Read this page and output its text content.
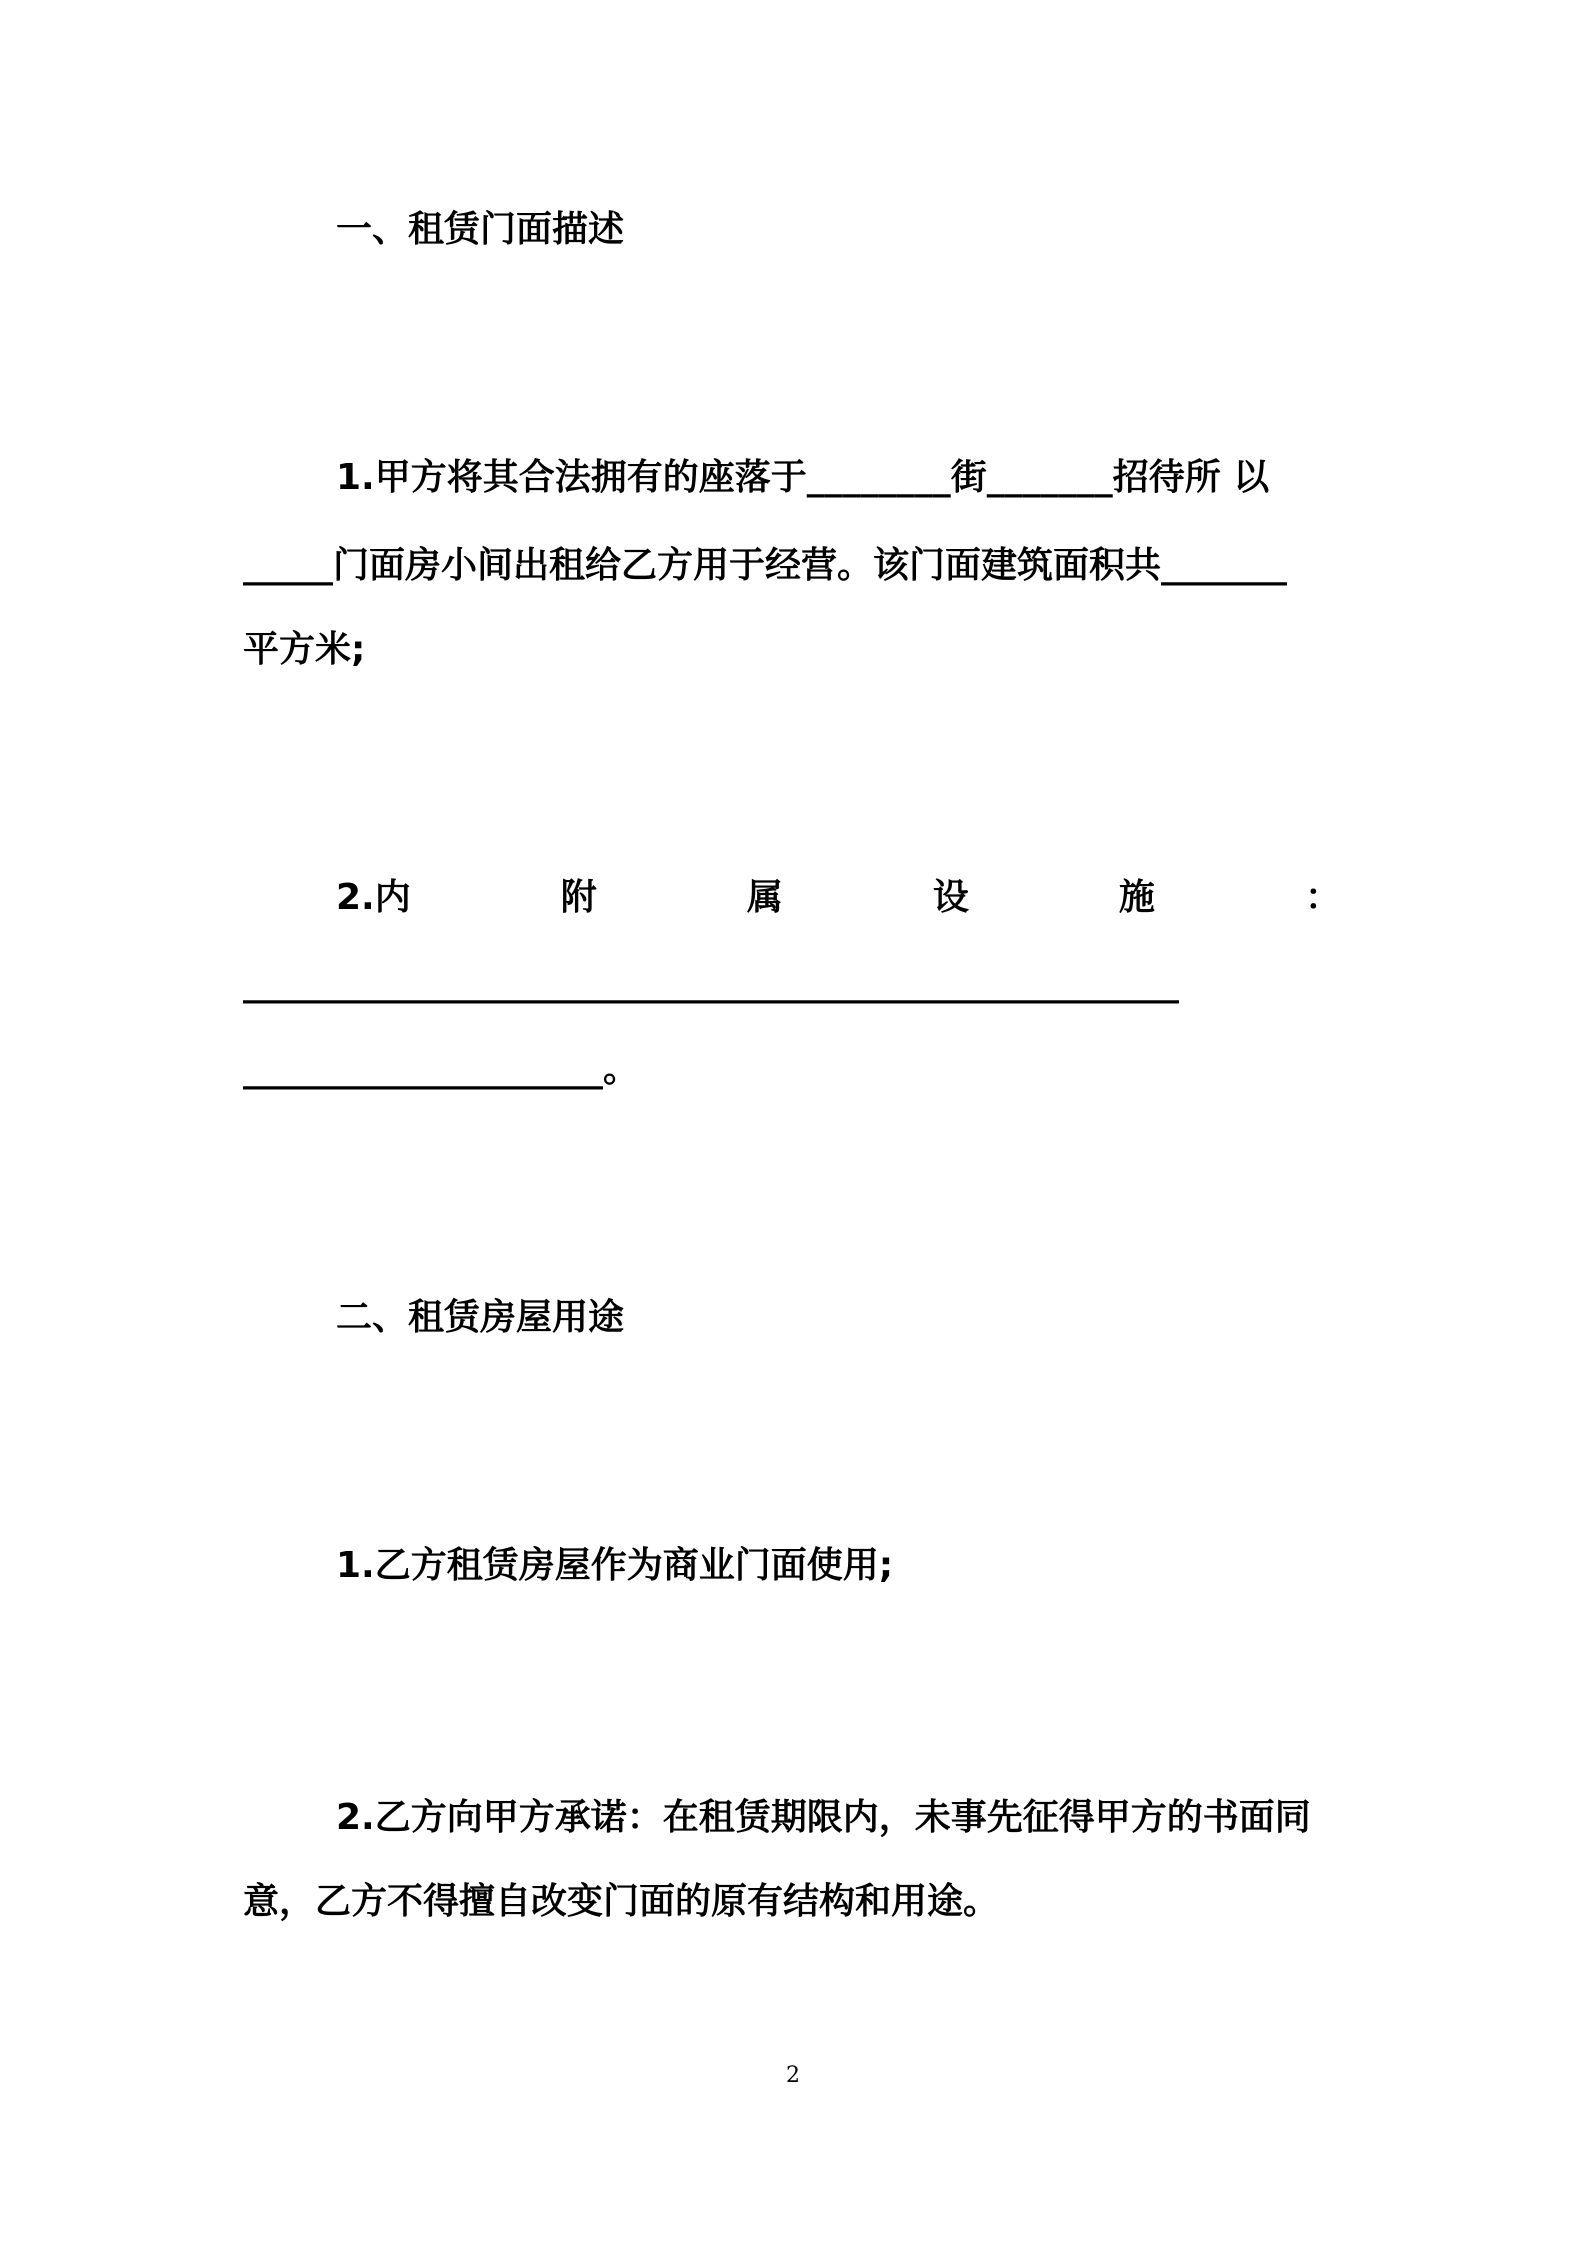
一、租赁门面描述
1.甲方将其合法拥有的座落于________街_______招待所 以
_____门面房小间出租给乙方用于经营。该门面建筑面积共_______
平方米;
2.内	附	属	设	施	：
____________________________________________________
____________________。
二、租赁房屋用途
1.乙方租赁房屋作为商业门面使用;
2.乙方向甲方承诺：在租赁期限内，未事先征得甲方的书面同
意，乙方不得擅自改变门面的原有结构和用途。
2
